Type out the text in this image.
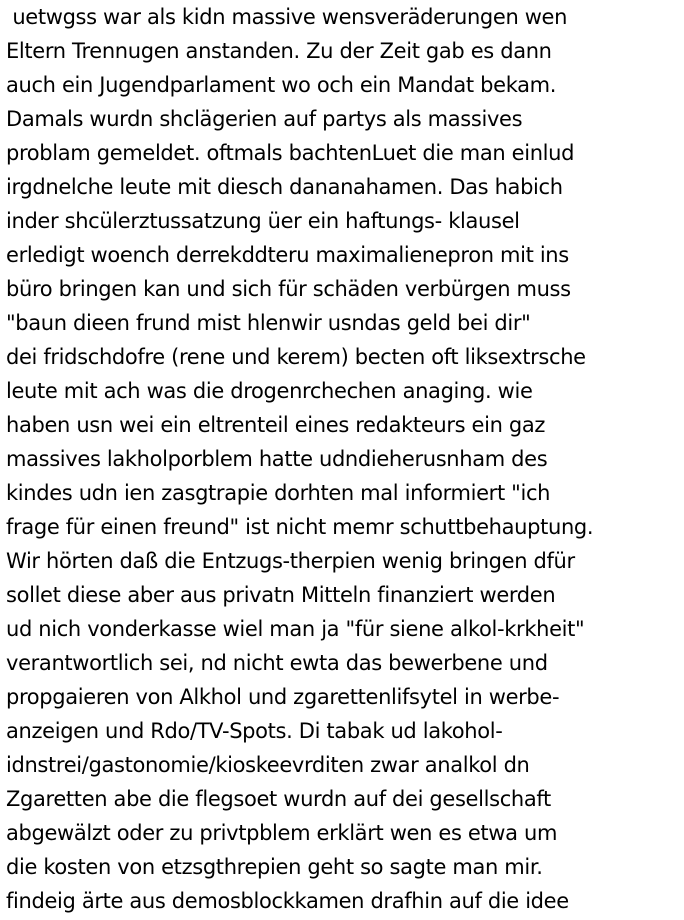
uetwgss war als kidn massive wensveräderungen wen
Eltern Trennugen anstanden. Zu der Zeit gab es dann
auch ein Jugendparlament wo och ein Mandat bekam.
Damals wurdn shclägerien auf partys als massives
problam gemeldet. oftmals bachtenLuet die man einlud
irgdnelche leute mit diesch dananahamen. Das habich
inder shcülerztussatzung üer ein haftungs- klausel
erledigt woench derrekddteru maximalienepron mit ins
büro bringen kan und sich für schäden verbürgen muss
"baun dieen frund mist hlenwir usndas geld bei dir"
dei fridschdofre (rene und kerem) becten oft liksextrsche
leute mit ach was die drogenrchechen anaging. wie
haben usn wei ein eltrenteil eines redakteurs ein gaz
massives lakholporblem hatte udndieherusnham des
kindes udn ien zasgtrapie dorhten mal informiert "ich
frage für einen freund" ist nicht memr schuttbehauptung.
Wir hörten daß die Entzugs-therpien wenig bringen dfür
sollet diese aber aus privatn Mitteln finanziert werden
ud nich vonderkasse wiel man ja "für siene alkol-krkheit"
verantwortlich sei, nd nicht ewta das bewerbene und
propgaieren von Alkhol und zgarettenlifsytel in werbe-
anzeigen und Rdo/TV-Spots. Di tabak ud lakohol-
idnstrei/gastonomie/kioskeevrditen zwar analkol dn
Zgaretten abe die flegsoet wurdn auf dei gesellschaft
abgewälzt oder zu privtpblem erklärt wen es etwa um
die kosten von etzsgthrepien geht so sagte man mir.
findeig ärte aus demosblockkamen drafhin auf die idee
